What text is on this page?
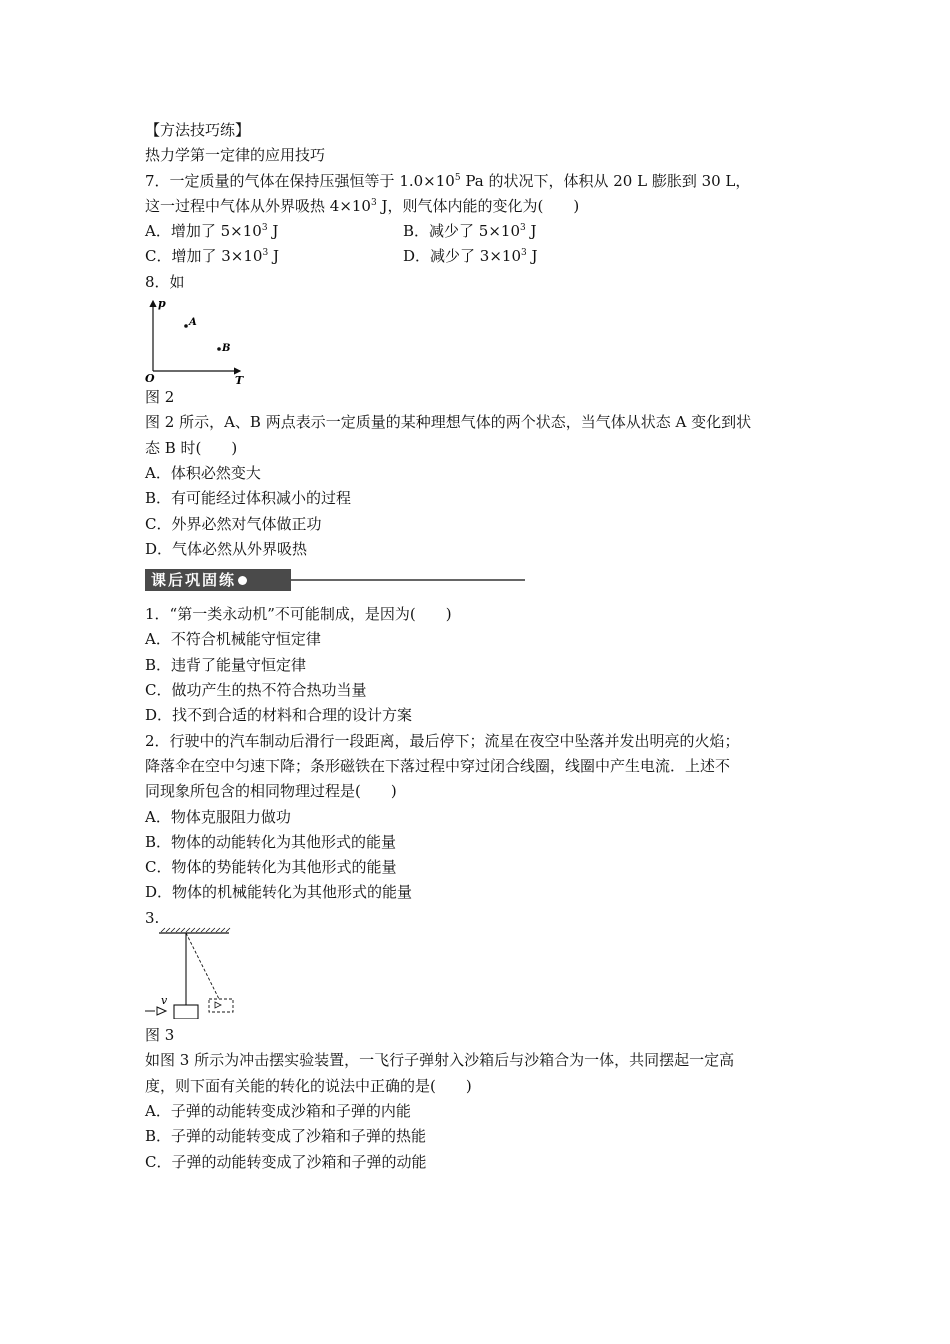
【方法技巧练】
热力学第一定律的应用技巧
7．一定质量的气体在保持压强恒等于 $1.0\times 10^5$ Pa 的状况下，体积从 20 L 膨胀到 30 L，
这一过程中气体从外界吸热 $4\times 10^3$ J，则气体内能的变化为(　　)
A．增加了 $5\times 10^3$ J	B．减少了 $5\times 10^3$ J
C．增加了 $3\times 10^3$ J	D．减少了 $3\times 10^3$ J
8．如
p
T
O
A
B
图 2
图 2 所示，A、B 两点表示一定质量的某种理想气体的两个状态，当气体从状态 A 变化到状
态 B 时(　　)
A．体积必然变大
B．有可能经过体积减小的过程
C．外界必然对气体做正功
D．气体必然从外界吸热
课后巩固练
1．“第一类永动机”不可能制成，是因为(　　)
A．不符合机械能守恒定律
B．违背了能量守恒定律
C．做功产生的热不符合热功当量
D．找不到合适的材料和合理的设计方案
2．行驶中的汽车制动后滑行一段距离，最后停下；流星在夜空中坠落并发出明亮的火焰；
降落伞在空中匀速下降；条形磁铁在下落过程中穿过闭合线圈，线圈中产生电流．上述不
同现象所包含的相同物理过程是(　　)
A．物体克服阻力做功
B．物体的动能转化为其他形式的能量
C．物体的势能转化为其他形式的能量
D．物体的机械能转化为其他形式的能量
3.
v
图 3
如图 3 所示为冲击摆实验装置，一飞行子弹射入沙箱后与沙箱合为一体，共同摆起一定高
度，则下面有关能的转化的说法中正确的是(　　)
A．子弹的动能转变成沙箱和子弹的内能
B．子弹的动能转变成了沙箱和子弹的热能
C．子弹的动能转变成了沙箱和子弹的动能
